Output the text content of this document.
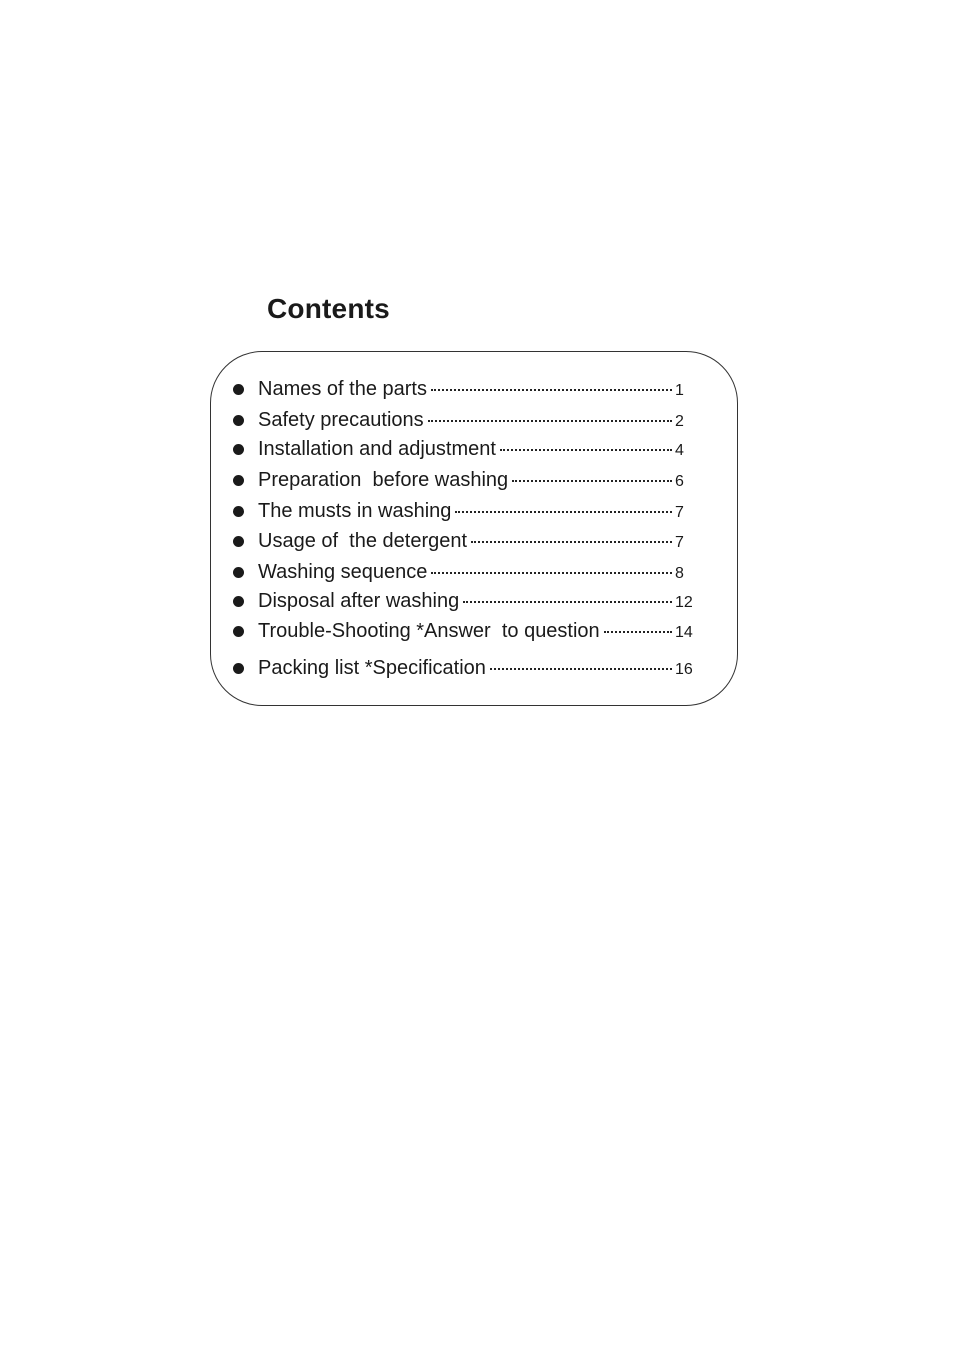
Contents
Names of the parts	1
Safety precautions	2
Installation and adjustment	4
Preparation  before washing	6
The musts in washing	7
Usage of  the detergent	7
Washing sequence	8
Disposal after washing	12
Trouble-Shooting *Answer  to question	14
Packing list *Specification	16
